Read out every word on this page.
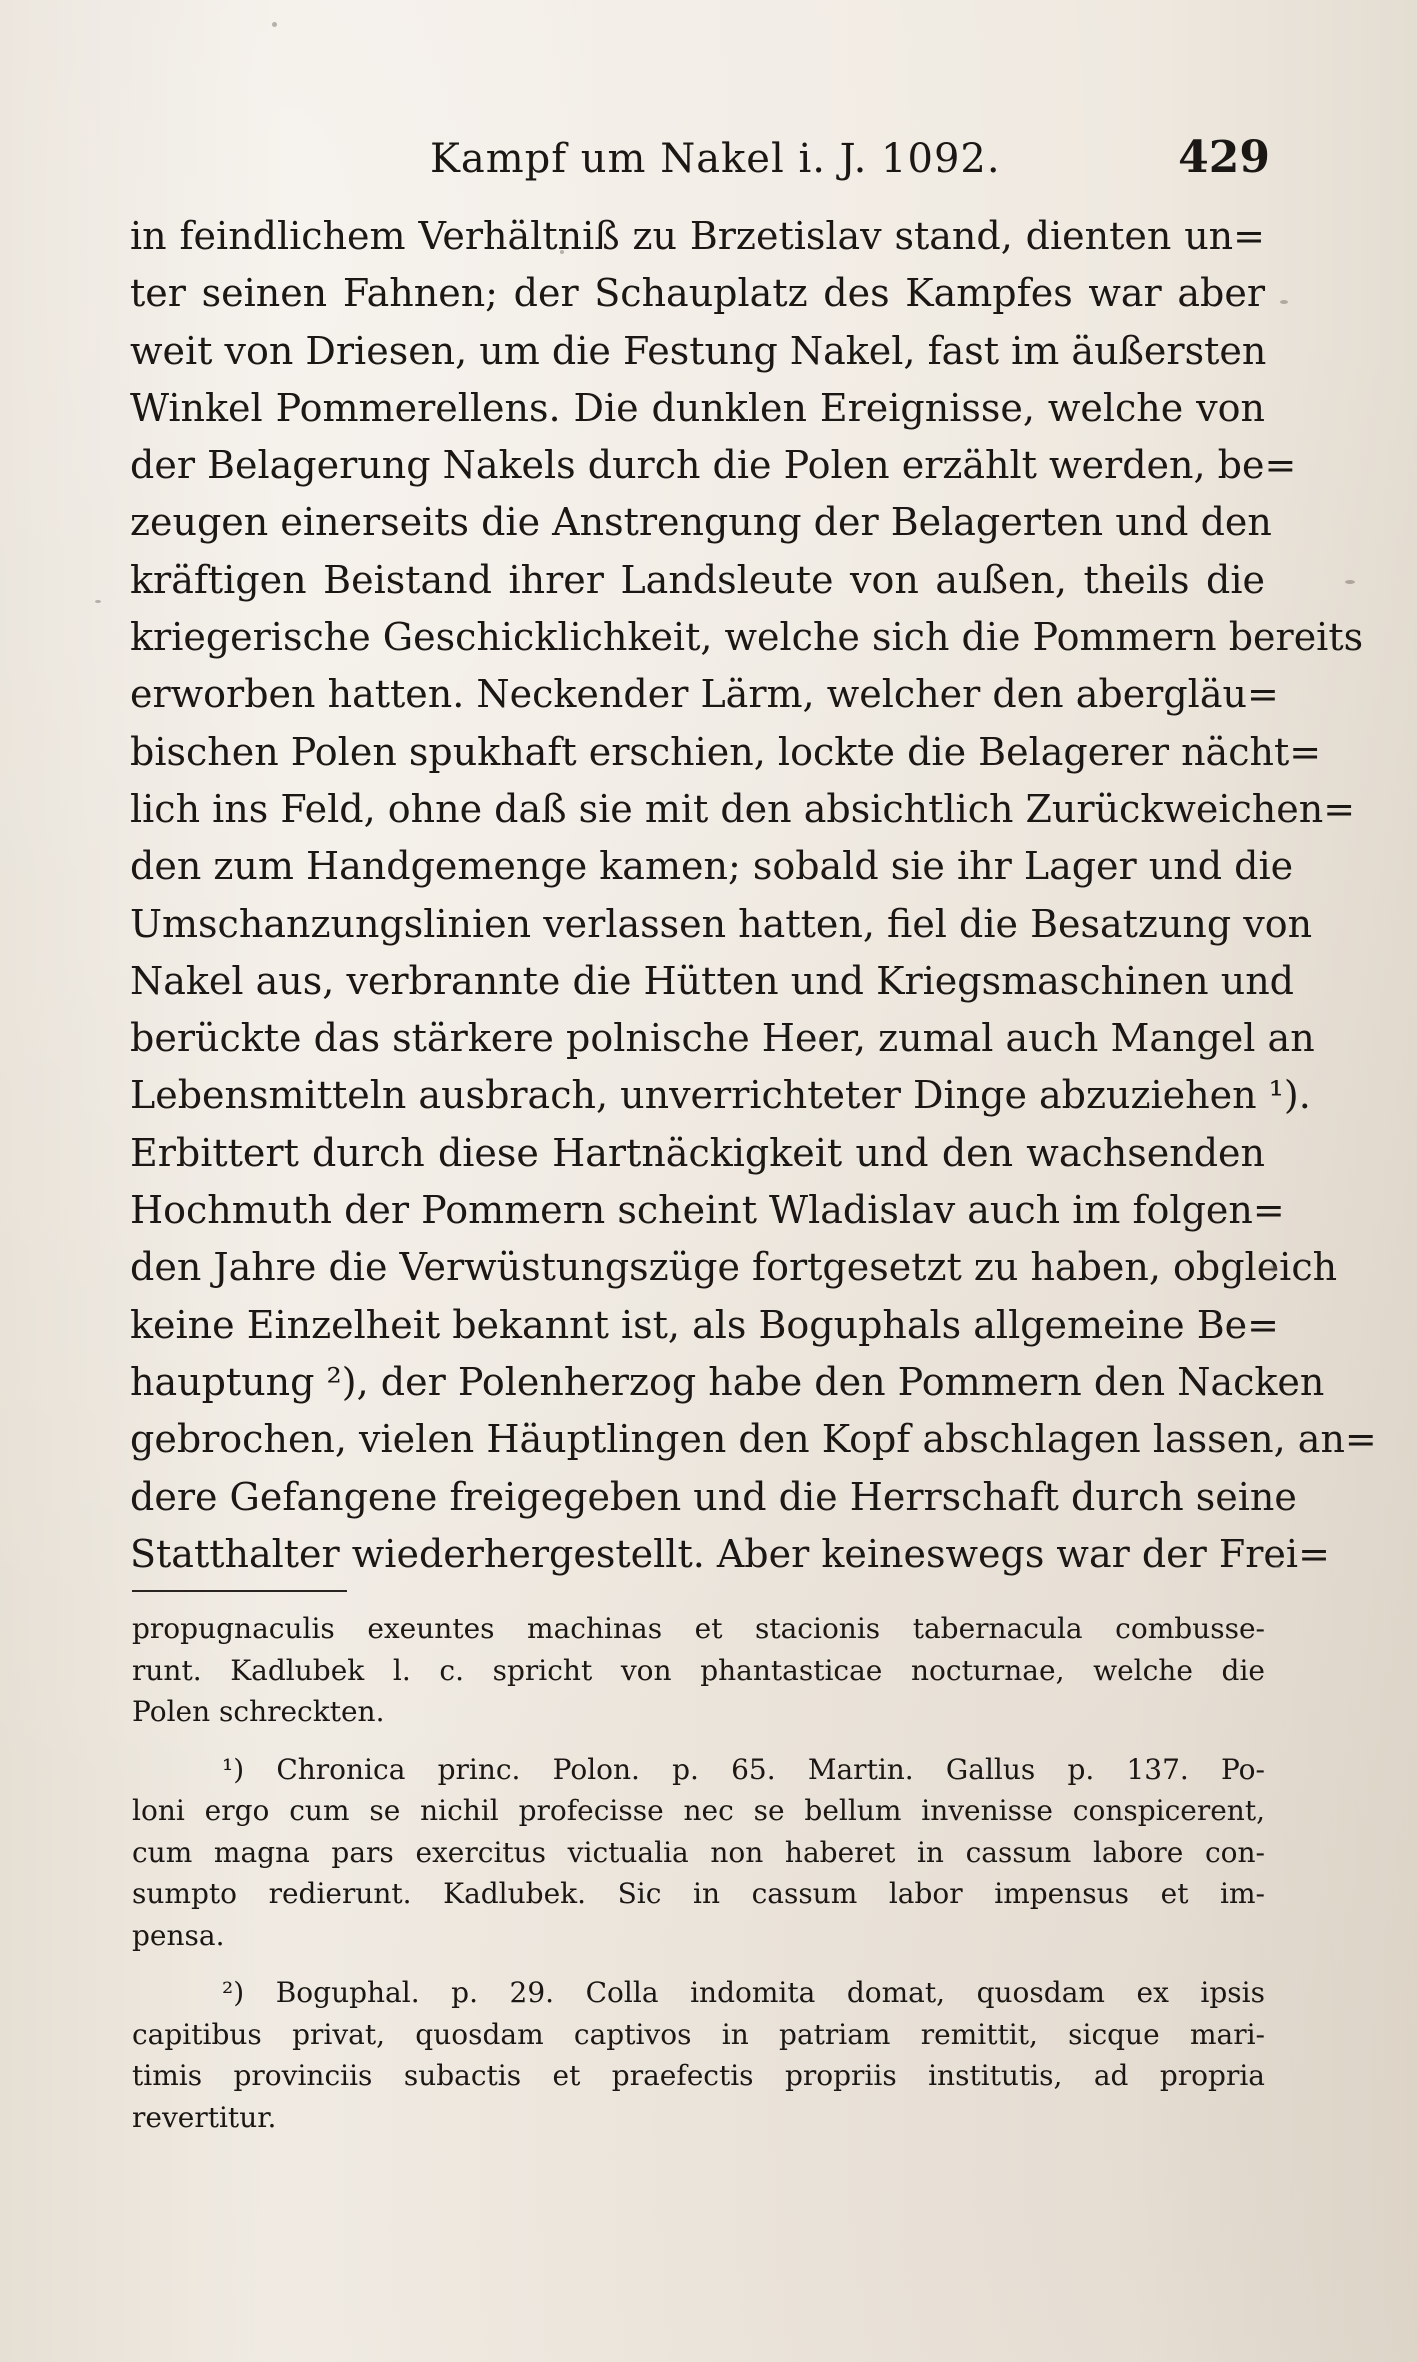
Kampf um Nakel i. J. 1092.	429
in feindlichem Verhältniß zu Brzetislav stand, dienten un=
ter seinen Fahnen; der Schauplatz des Kampfes war aber
weit von Driesen, um die Festung Nakel, fast im äußersten
Winkel Pommerellens. Die dunklen Ereignisse, welche von
der Belagerung Nakels durch die Polen erzählt werden, be=
zeugen einerseits die Anstrengung der Belagerten und den
kräftigen Beistand ihrer Landsleute von außen, theils die
kriegerische Geschicklichkeit, welche sich die Pommern bereits
erworben hatten. Neckender Lärm, welcher den abergläu=
bischen Polen spukhaft erschien, lockte die Belagerer nächt=
lich ins Feld, ohne daß sie mit den absichtlich Zurückweichen=
den zum Handgemenge kamen; sobald sie ihr Lager und die
Umschanzungslinien verlassen hatten, fiel die Besatzung von
Nakel aus, verbrannte die Hütten und Kriegsmaschinen und
berückte das stärkere polnische Heer, zumal auch Mangel an
Lebensmitteln ausbrach, unverrichteter Dinge abzuziehen ¹).
Erbittert durch diese Hartnäckigkeit und den wachsenden
Hochmuth der Pommern scheint Wladislav auch im folgen=
den Jahre die Verwüstungszüge fortgesetzt zu haben, obgleich
keine Einzelheit bekannt ist, als Boguphals allgemeine Be=
hauptung ²), der Polenherzog habe den Pommern den Nacken
gebrochen, vielen Häuptlingen den Kopf abschlagen lassen, an=
dere Gefangene freigegeben und die Herrschaft durch seine
Statthalter wiederhergestellt. Aber keineswegs war der Frei=
propugnaculis exeuntes machinas et stacionis tabernacula combusse-
runt. Kadlubek l. c. spricht von phantasticae nocturnae, welche die
Polen schreckten.
¹) Chronica princ. Polon. p. 65. Martin. Gallus p. 137. Po-
loni ergo cum se nichil profecisse nec se bellum invenisse conspicerent,
cum magna pars exercitus victualia non haberet in cassum labore con-
sumpto redierunt. Kadlubek. Sic in cassum labor impensus et im-
pensa.
²) Boguphal. p. 29. Colla indomita domat, quosdam ex ipsis
capitibus privat, quosdam captivos in patriam remittit, sicque mari-
timis provinciis subactis et praefectis propriis institutis, ad propria
revertitur.
